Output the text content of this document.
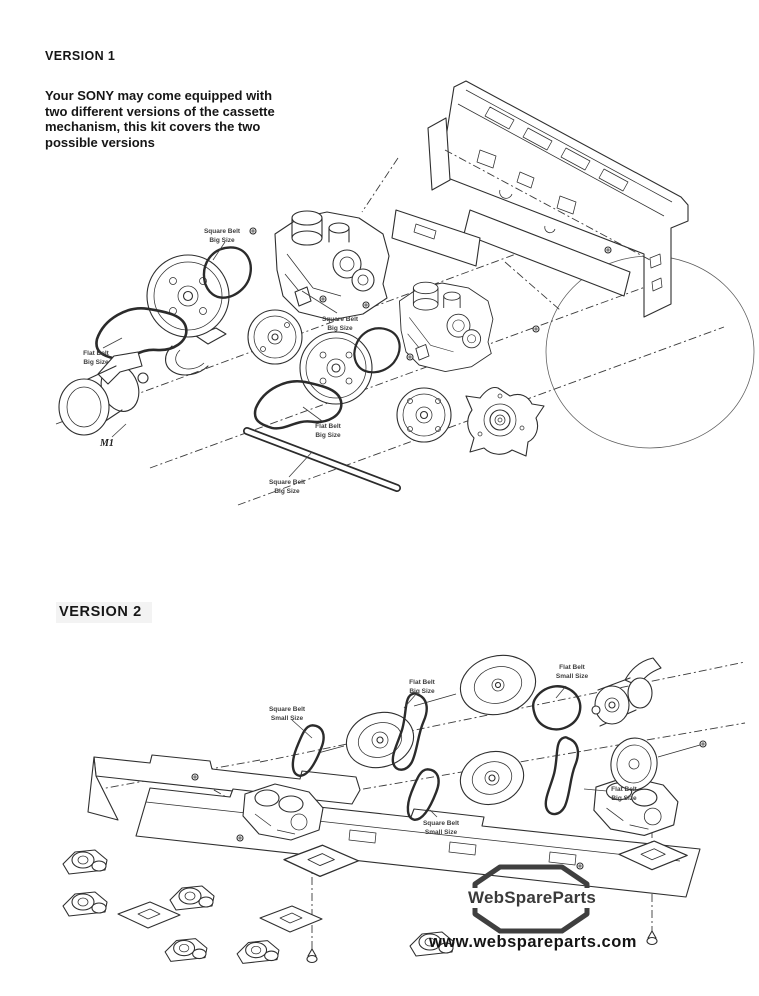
VERSION 1
Your SONY may come equipped with two different versions of the cassette mechanism, this kit covers the two possible versions
VERSION 2
Square Belt
Big Size
Square Belt
Big Size
Flat Belt
Big Size
Flat Belt
Big Size
Square Belt
Big Size
M1
Square Belt
Small Size
Flat Belt
Big Size
Flat Belt
Small Size
Square Belt
Small Size
Flat Belt
Big Size
WebSpareParts
www.webspareparts.com
